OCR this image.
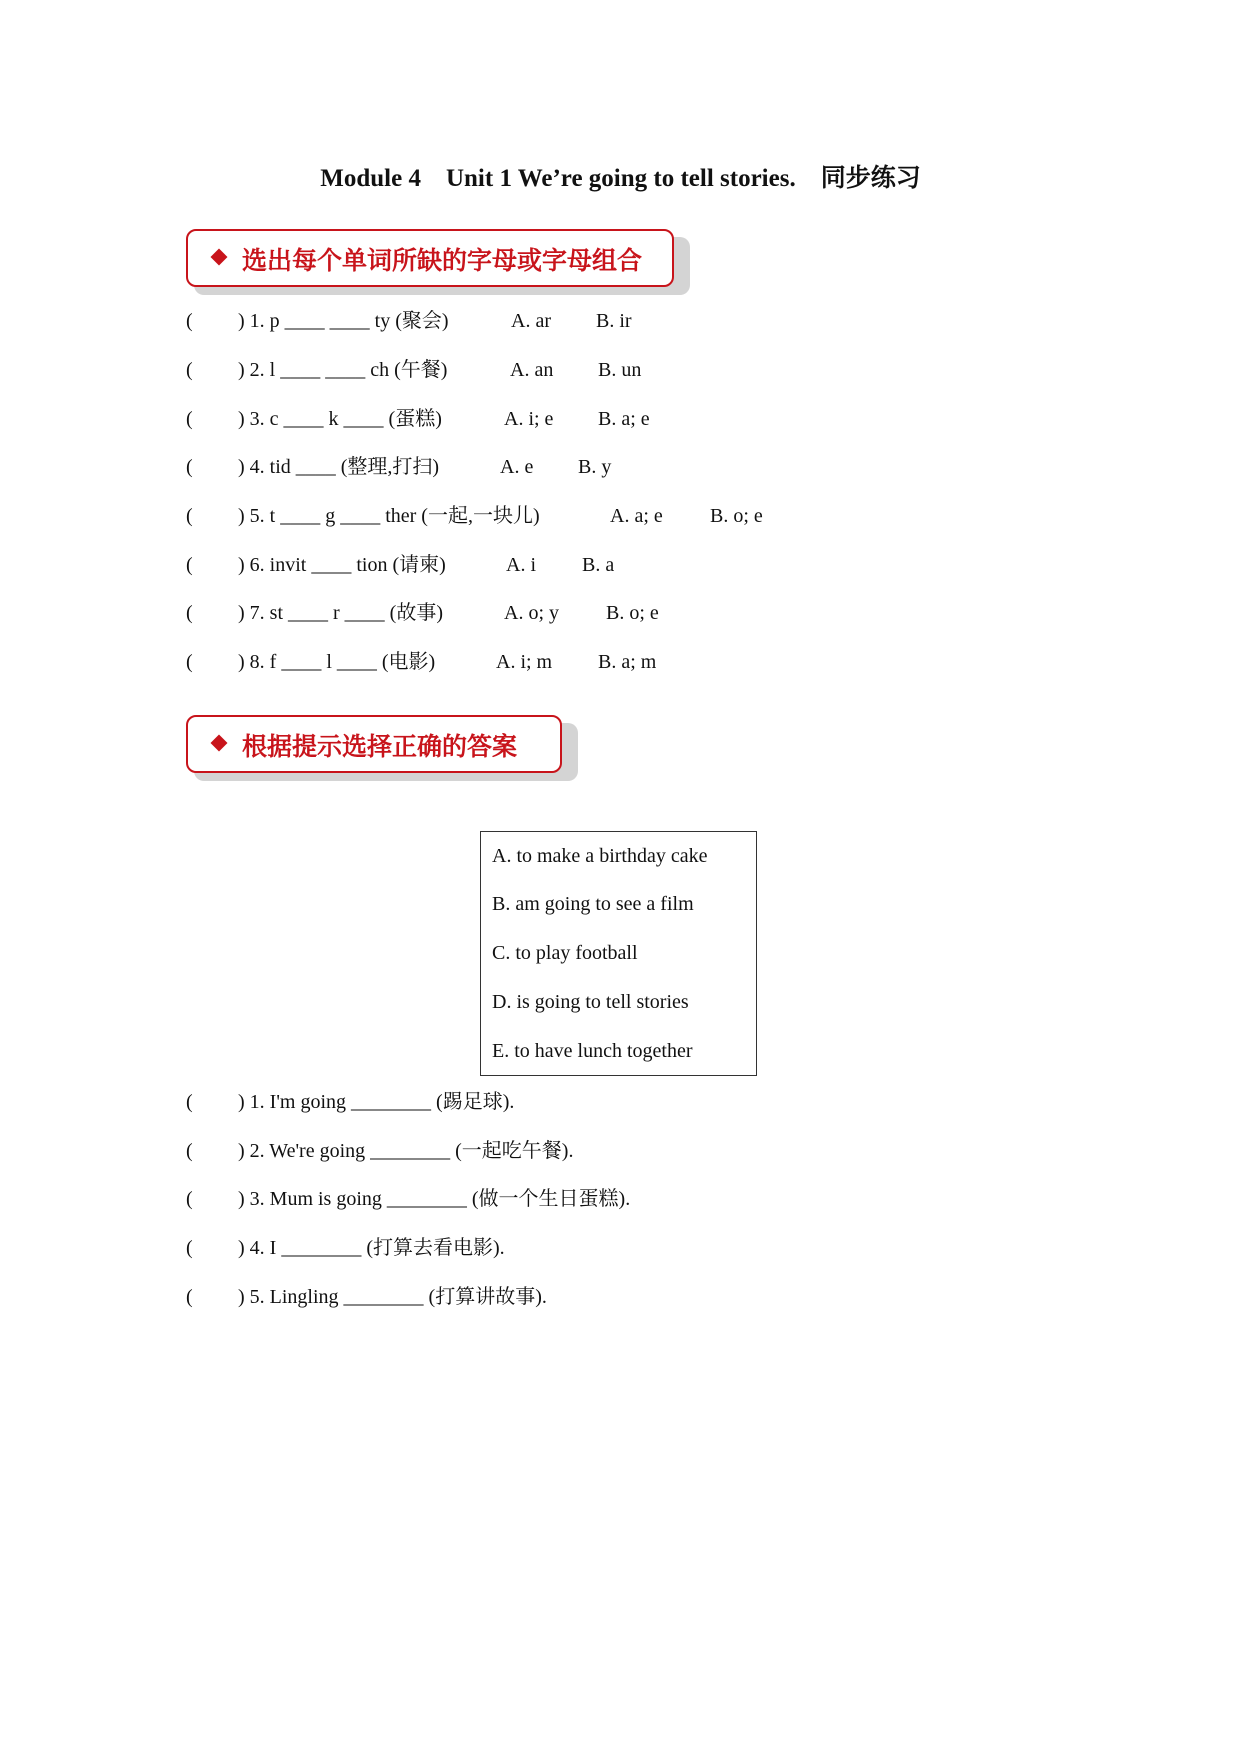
Module 4    Unit 1 We’re going to tell stories.    同步练习
选出每个单词所缺的字母或字母组合

(

) 1. p ____ ____ ty (聚会)

	A. ar

B. ir

(

) 2. l ____ ____ ch (午餐)

	A. an

B. un

(

) 3. c ____ k ____ (蛋糕)

	A. i; e

B. a; e

(

) 4. tid ____ (整理,打扫)

	A. e

B. y

(

) 5. t ____ g ____ ther (一起,一块儿)

	A. a; e

B. o; e

(

) 6. invit ____ tion (请柬)

	A. i

B. a

(

) 7. st ____ r ____ (故事)

	A. o; y

B. o; e

(

) 8. f ____ l ____ (电影)

	A. i; m

B. a; m

根据提示选择正确的答案
A. to make a birthday cake
B. am going to see a film
C. to play football
D. is going to tell stories
E. to have lunch together

(

) 1. I'm going ________ (踢足球).

(

) 2. We're going ________ (一起吃午餐).

(

) 3. Mum is going ________ (做一个生日蛋糕).

(

) 4. I ________ (打算去看电影).

(

) 5. Lingling ________ (打算讲故事).
